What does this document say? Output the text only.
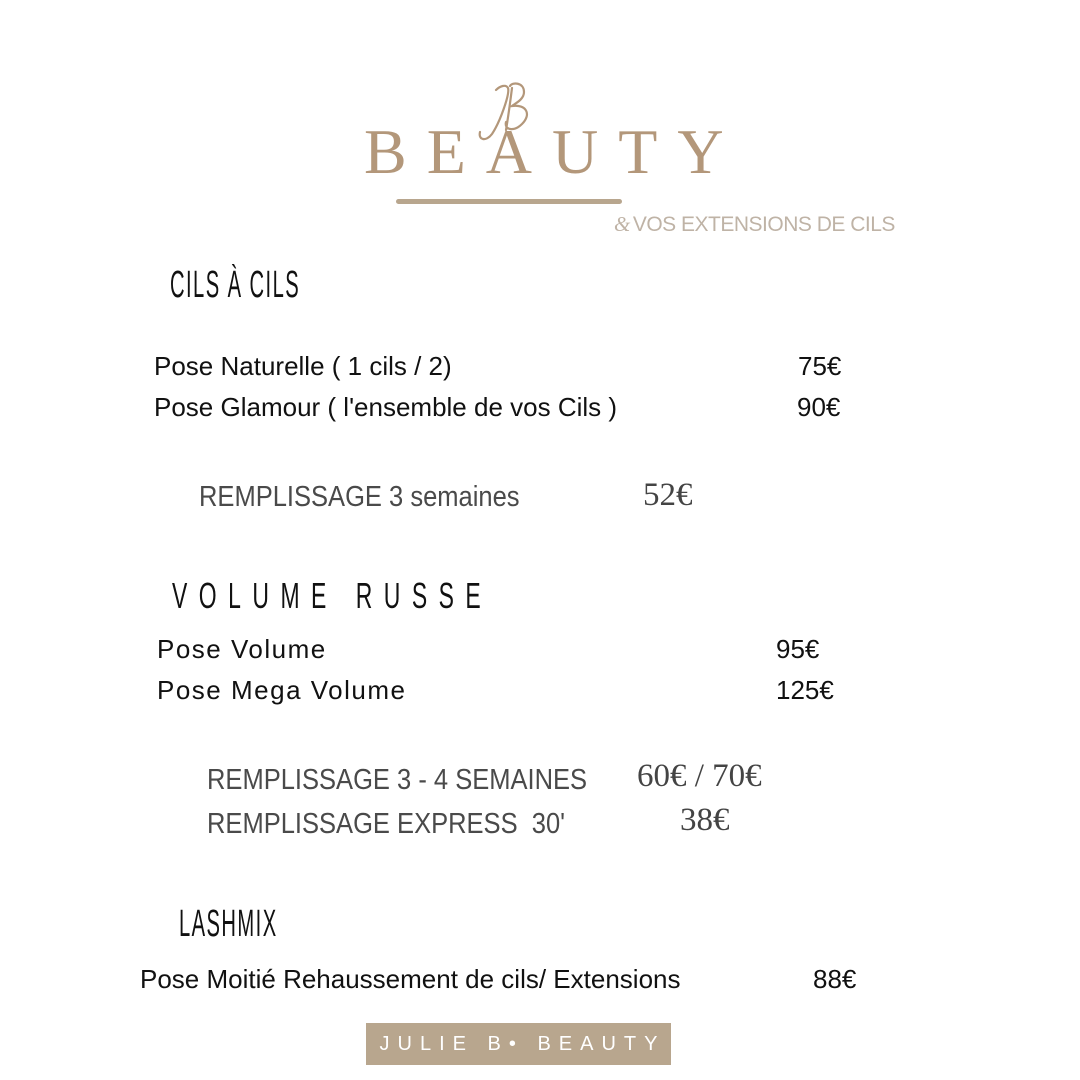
BEAUTY
& VOS EXTENSIONS DE CILS
CILS À CILS
Pose Naturelle ( 1 cils / 2)	75€
Pose Glamour ( l'ensemble de vos Cils )	90€
REMPLISSAGE 3 semaines	52€
VOLUME RUSSE
Pose Volume	95€
Pose Mega Volume	125€
REMPLISSAGE 3 - 4 SEMAINES 60€ / 70€
REMPLISSAGE EXPRESS  30'	38€
LASHMIX
Pose Moitié Rehaussement de cils/ Extensions	88€
JULIE B• BEAUTY
